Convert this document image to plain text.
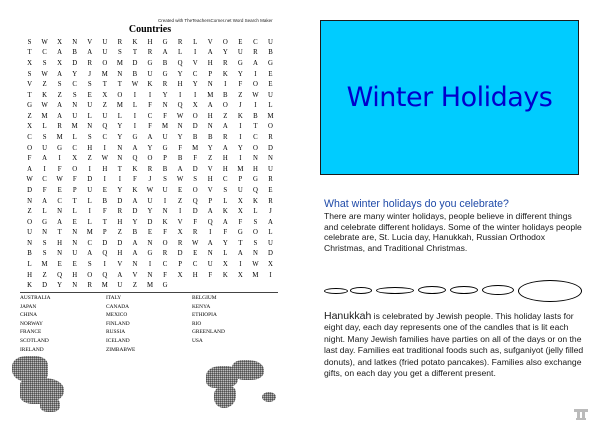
Created with TheTeachersCorner.net Word Search Maker
Countries
S	W	X	N	V	U	R	K	H	G	R	L	V	O	E	C	U
T	C	A	B	A	U	S	T	R	A	L	I	A	Y	U	R	B
X	S	X	D	R	O	M	D	G	B	Q	V	H	R	G	A	G
S	W	A	Y	J	M	N	B	U	G	Y	C	P	K	Y	I	E
V	Z	S	C	S	T	T	W	K	R	H	Y	N	I	F	O	E
T	K	Z	S	E	X	O	I	I	Y	I	I	M	B	Z	W	U
G	W	A	N	U	Z	M	L	F	N	Q	X	A	O	J	I	L
Z	M	A	U	L	U	L	I	C	F	W	O	H	Z	K	B	M
X	L	R	M	N	Q	Y	I	F	M	N	D	N	A	I	T	O
C	S	M	L	S	C	Y	G	A	U	Y	B	B	R	I	C	R
O	U	G	C	H	I	N	A	Y	G	F	M	Y	A	Y	O	D
F	A	I	X	Z	W	N	Q	O	P	B	F	Z	H	I	N	N
A	I	F	O	I	H	T	K	R	B	A	D	V	H	M	H	U
W	C	W	F	D	I	I	F	J	S	W	S	H	C	P	G	R
D	F	E	P	U	E	Y	K	W	U	E	O	V	S	U	Q	E
N	A	C	T	L	B	D	A	U	I	Z	Q	P	L	X	K	R
Z	L	N	L	I	F	R	D	Y	N	I	D	A	K	X	L	J
O	G	A	E	L	T	H	Y	D	K	V	F	Q	A	F	S	A
U	N	T	N	M	P	Z	B	E	F	X	R	I	F	G	O	L
N	S	H	N	C	D	D	A	N	O	R	W	A	Y	T	S	U
B	S	N	U	A	Q	H	A	G	R	D	E	N	L	A	N	D
L	M	E	E	S	I	V	N	I	C	P	C	U	X	I	W	X
H	Z	Q	H	O	Q	A	V	N	F	X	H	F	K	X	M	I
K	D	Y	N	R	M	U	Z	M	G
AUSTRALIA	ITALY	BELGIUM
JAPAN	CANADA	KENYA
CHINA	MEXICO	ETHIOPIA
NORWAY	FINLAND	RIO
FRANCE	RUSSIA	GREENLAND
SCOTLAND	ICELAND	USA
IRELAND	ZIMBABWE
Winter Holidays
What winter holidays do you celebrate?
There are many winter holidays, people believe in different things and celebrate different holidays. Some of the winter holidays people celebrate are, St. Lucia day, Hanukkah, Russian Orthodox Christmas, and Traditional Christmas.
Hanukkah is celebrated by Jewish people. This holiday lasts for eight day, each day represents one of the candles that is lit each night. Many Jewish families have parties on all of the days or on the last day. Families eat traditional foods such as, sufganiyot (jelly filled donuts), and latkes (fried potato pancakes). Families also exchange gifts, on each day you get a different present.
